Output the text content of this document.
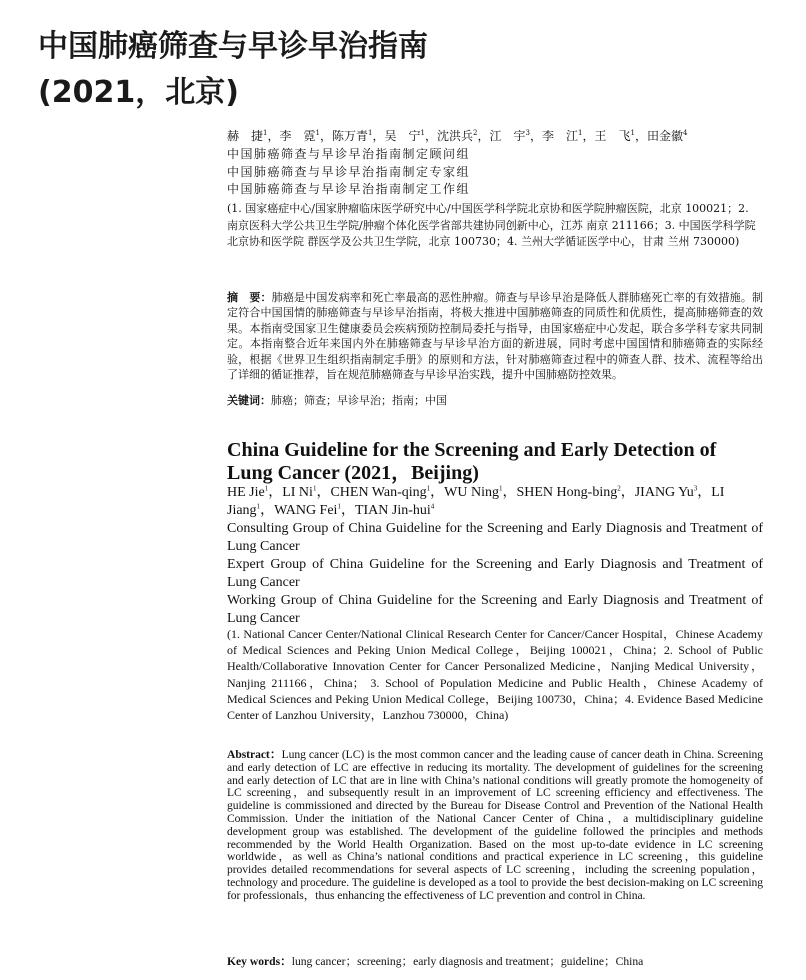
中国肺癌筛查与早诊早治指南
(2021，北京)
赫　捷$^1$，李　霓$^1$，陈万青$^1$，吴　宁$^1$，沈洪兵$^2$，江　宇$^3$，李　江$^1$，王　飞$^1$，田金徽$^4$
中国肺癌筛查与早诊早治指南制定顾问组
中国肺癌筛查与早诊早治指南制定专家组
中国肺癌筛查与早诊早治指南制定工作组
(1. 国家癌症中心/国家肿瘤临床医学研究中心/中国医学科学院北京协和医学院肿瘤医院，北京 100021；2. 南京医科大学公共卫生学院/肿瘤个体化医学省部共建协同创新中心，江苏 南京 211166；3. 中国医学科学院北京协和医学院 群医学及公共卫生学院，北京 100730；4. 兰州大学循证医学中心，甘肃 兰州 730000)
摘　要：肺癌是中国发病率和死亡率最高的恶性肿瘤。筛查与早诊早治是降低人群肺癌死亡率的有效措施。制定符合中国国情的肺癌筛查与早诊早治指南，将极大推进中国肺癌筛查的同质性和优质性，提高肺癌筛查的效果。本指南受国家卫生健康委员会疾病预防控制局委托与指导，由国家癌症中心发起，联合多学科专家共同制定。本指南整合近年来国内外在肺癌筛查与早诊早治方面的新进展，同时考虑中国国情和肺癌筛查的实际经验，根据《世界卫生组织指南制定手册》的原则和方法，针对肺癌筛查过程中的筛查人群、技术、流程等给出了详细的循证推荐，旨在规范肺癌筛查与早诊早治实践，提升中国肺癌防控效果。
关键词：肺癌；筛查；早诊早治；指南；中国
China Guideline for the Screening and Early Detection of Lung Cancer (2021，Beijing)
HE Jie$^1$，LI Ni$^1$，CHEN Wan-qing$^1$，WU Ning$^1$，SHEN Hong-bing$^2$，JIANG Yu$^3$，LI Jiang$^1$，WANG Fei$^1$，TIAN Jin-hui$^4$
Consulting Group of China Guideline for the Screening and Early Diagnosis and Treatment of Lung Cancer
Expert Group of China Guideline for the Screening and Early Diagnosis and Treatment of Lung Cancer
Working Group of China Guideline for the Screening and Early Diagnosis and Treatment of Lung Cancer
(1. National Cancer Center/National Clinical Research Center for Cancer/Cancer Hospital，Chinese Academy of Medical Sciences and Peking Union Medical College，Beijing 100021，China；2. School of Public Health/Collaborative Innovation Center for Cancer Personalized Medicine，Nanjing Medical University，Nanjing 211166，China； 3. School of Population Medicine and Public Health，Chinese Academy of Medical Sciences and Peking Union Medical College，Beijing 100730，China；4. Evidence Based Medicine Center of Lanzhou University，Lanzhou 730000，China)
Abstract：Lung cancer (LC) is the most common cancer and the leading cause of cancer death in China. Screening and early detection of LC are effective in reducing its mortality. The development of guidelines for the screening and early detection of LC that are in line with China’s national conditions will greatly promote the homogeneity of LC screening，and subsequently result in an improvement of LC screening efficiency and effectiveness. The guideline is commissioned and directed by the Bureau for Disease Control and Prevention of the National Health Commission. Under the initiation of the National Cancer Center of China，a multidisciplinary guideline development group was established. The development of the guideline followed the principles and methods recommended by the World Health Organization. Based on the most up-to-date evidence in LC screening worldwide，as well as China’s national conditions and practical experience in LC screening，this guideline provides detailed recommendations for several aspects of LC screening，including the screening population，technology and procedure. The guideline is developed as a tool to provide the best decision-making on LC screening for professionals，thus enhancing the effectiveness of LC prevention and control in China.
Key words：lung cancer；screening；early diagnosis and treatment；guideline；China
